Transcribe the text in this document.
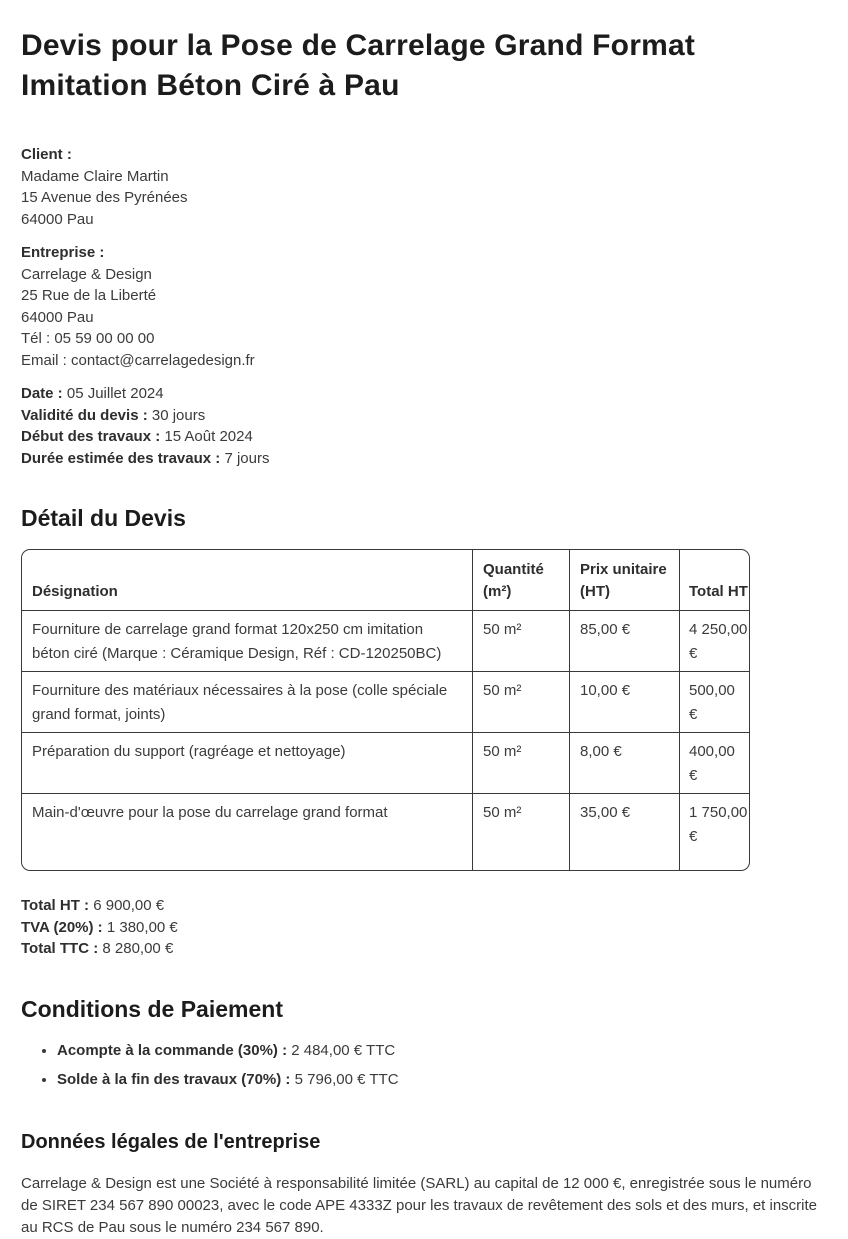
Devis pour la Pose de Carrelage Grand Format Imitation Béton Ciré à Pau

Client :
Madame Claire Martin
15 Avenue des Pyrénées
64000 Pau

Entreprise :
Carrelage & Design
25 Rue de la Liberté
64000 Pau
Tél : 05 59 00 00 00
Email : contact@carrelagedesign.fr

Date : 05 Juillet 2024
Validité du devis : 30 jours
Début des travaux : 15 Août 2024
Durée estimée des travaux : 7 jours

Détail du Devis
Désignation	Quantité (m²)	Prix unitaire (HT)	Total HT
Fourniture de carrelage grand format 120x250 cm imitation béton ciré (Marque : Céramique Design, Réf : CD-120250BC)	50 m²	85,00 €	4 250,00 €
Fourniture des matériaux nécessaires à la pose (colle spéciale grand format, joints)	50 m²	10,00 €	500,00 €
Préparation du support (ragréage et nettoyage)	50 m²	8,00 €	400,00 €
Main-d'œuvre pour la pose du carrelage grand format	50 m²	35,00 €	1 750,00 €

Total HT : 6 900,00 €
TVA (20%) : 1 380,00 €
Total TTC : 8 280,00 €

Conditions de Paiement
• Acompte à la commande (30%) : 2 484,00 € TTC
• Solde à la fin des travaux (70%) : 5 796,00 € TTC
Données légales de l'entreprise

Carrelage & Design est une Société à responsabilité limitée (SARL) au capital de 12 000 €, enregistrée sous le numéro de SIRET 234 567 890 00023, avec le code APE 4333Z pour les travaux de revêtement des sols et des murs, et inscrite au RCS de Pau sous le numéro 234 567 890.
